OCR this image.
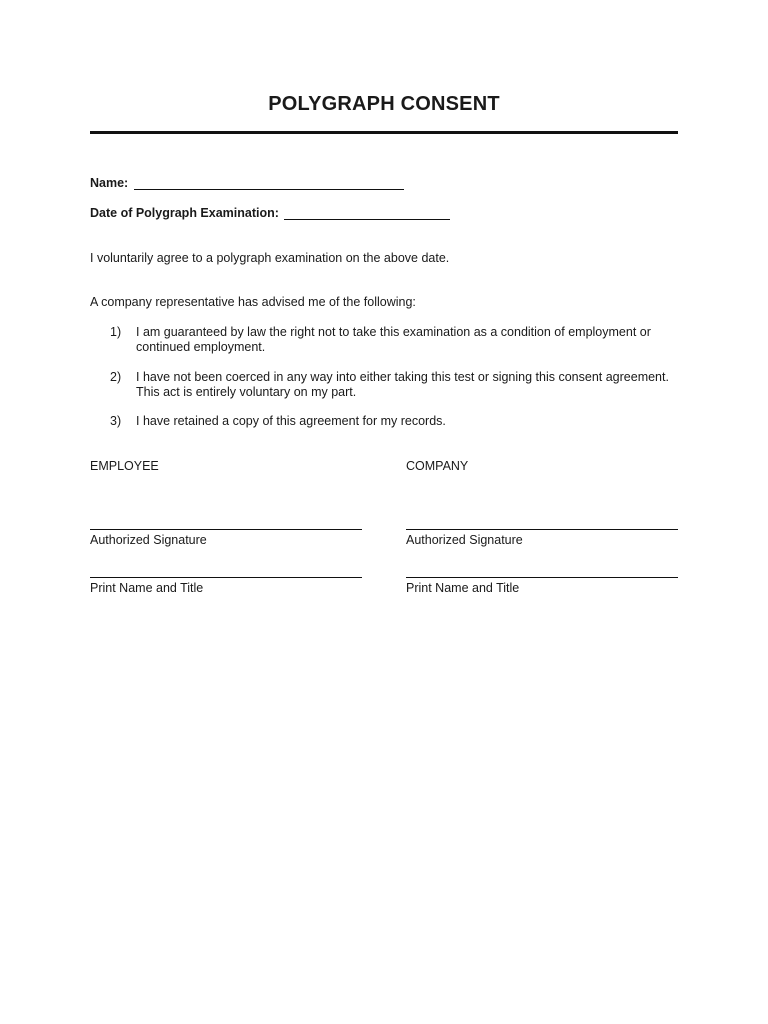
POLYGRAPH CONSENT
Name:
Date of Polygraph Examination:
I voluntarily agree to a polygraph examination on the above date.
A company representative has advised me of the following:
1)	I am guaranteed by law the right not to take this examination as a condition of employment or continued employment.
2)	I have not been coerced in any way into either taking this test or signing this consent agreement. This act is entirely voluntary on my part.
3)	I have retained a copy of this agreement for my records.
EMPLOYEE	COMPANY
Authorized Signature	Authorized Signature
Print Name and Title	Print Name and Title
